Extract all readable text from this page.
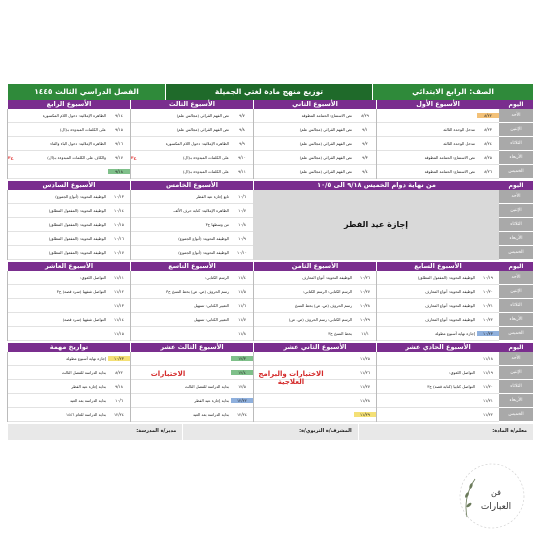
الصف: الرابع الابتدائي
توزيع منهج مادة لغتي الجميلة
الفصل الدراسي الثالث ١٤٤٥
اليوم
الأحد
الإثنين
الثلاثاء
الأربعاء
الخميس
الأسبوع الأول
٨/٢٢
٨/٢٣
مدخل الوحدة الثالثة
٨/٢٤
مدخل الوحدة الثالثة
٨/٢٥
نص الاستماع: الحمامة المطوقة
٨/٢٦
نص الاستماع: الحمامة المطوقة
الأسبوع الثاني
٨/٢٩
نص الاستماع: الحمامة المطوقة
٩/١
نص الفهم القرائي (مجالس علم)
٩/٢
نص الفهم القرائي (مجالس علم)
٩/٣
نص الفهم القرائي (مجالس علم)
٩/٤
نص الفهم القرائي (مجالس علم)
الأسبوع الثالث
٩/٧
نص الفهم القرائي (مجالس علم)
٩/٨
نص الفهم القرائي (مجالس علم)
٩/٩
الظاهرة الإملائية: دخول اللام المكسورة
٩/١٠
على الكلمات المبدوءة بـ(ال)
ح٣
٩/١١
على الكلمات المبدوءة بـ(ال)
الأسبوع الرابع
٩/١٤
الظاهرة الإملائية: دخول اللام المكسورة
٩/١٥
على الكلمات المبدوءة بـ(ال)
٩/١٦
الظاهرة الإملائية: دخول الباء والفاء
٩/١٧
والكاف على الكلمات المبدوءة بـ(ال)
ح٣
٩/١٨
اليوم
الأحد
الإثنين
الثلاثاء
الأربعاء
الخميس
من نهاية دوام الخميس ٩/١٨ الى ١٠/٥
إجازة عيد الفطر
الأسبوع الخامس
١٠/٦
تابع إجازة عيد الفطر
١٠/٧
الظاهرة الإملائية: كتابة حرف الألف
١٠/٨
من وسطها ح٣
١٠/٩
الوظيفة النحوية: (أنواع الجموع)
١٠/١٠
الوظيفة النحوية: (أنواع الجموع)
الأسبوع السادس
١٠/١٣
الوظيفة النحوية: (أنواع الجموع)
١٠/١٤
الوظيفة النحوية: (المفعول المطلق)
١٠/١٥
الوظيفة النحوية: (المفعول المطلق)
١٠/١٦
الوظيفة النحوية: (المفعول المطلق)
١٠/١٧
الوظيفة النحوية: (المفعول المطلق)
اليوم
الأحد
الإثنين
الثلاثاء
الأربعاء
الخميس
الأسبوع السابع
١٠/١٩
الوظيفة النحوية: (المفعول المطلق)
١٠/٢٠
الوظيفة النحوية: أنواع المعارف
١٠/٢١
الوظيفة النحوية: أنواع المعارف
١٠/٢٢
الوظيفة النحوية: أنواع المعارف
١٠/٢٣
إجازة نهاية أسبوع مطولة
الأسبوع الثامن
١٠/٢٦
الوظيفة النحوية: أنواع المعارف
١٠/٢٧
الرسم الكتابي: الرسم الكتابي:
١٠/٢٨
رسم الحروف (ص، ض) بخط النسخ
١٠/٢٩
الرسم الكتابي: رسم الحروف (ص، ض)
١١/١
بخط النسخ ح٣
الأسبوع التاسع
١١/٤
الرسم الكتابي:
١١/٥
رسم الحروف (ص، ض) بخط النسخ ح٣
١١/٦
التعبير الكتابي: تسهيل
١١/٧
التعبير الكتابي: تسهيل
١١/٨
الأسبوع العاشر
١١/١١
التواصل اللغوي:
١١/١٢
التواصل شفهيا (سرد قصة) ح٣
١١/١٣
١١/١٤
التواصل شفهيا (سرد قصة)
١١/١٥
اليوم
الأحد
الإثنين
الثلاثاء
الأربعاء
الخميس
الأسبوع الحادي عشر
١١/١٨
١١/١٩
التواصل اللغوي:
١١/٢٠
التواصل كتابيا (كتابة قصة) ح٣
١١/٢١
١١/٢٢
الأسبوع الثاني عشر
١١/٢٥
١١/٢٦
١١/٢٧
١١/٢٨
١١/٢٩
الاختبارات والبرامج العلاجية
الأسبوع الثالث عشر
١٢/٣
١٢/٤
١٢/٥
بداية الدراسة للفصل الثالث
١٢/٢٢
بداية إجازة عيد الفطر
١٢/٢٤
بداية الدراسة بعد العيد
الاختبارات
تواريخ مهمة
١٠/٢٣
إجازة نهاية أسبوع مطولة
٨/٢٢
بداية الدراسة للفصل الثالث
٩/١٨
بداية إجازة عيد الفطر
١٠/٦
بداية الدراسة بعد العيد
١٢/٢٤
بداية الدراسة للعام ١٤٤٦
معلم/ة المادة:
المشرف/ة التربوي/ة:
مدير/ة المدرسة:
فن
العبارات
